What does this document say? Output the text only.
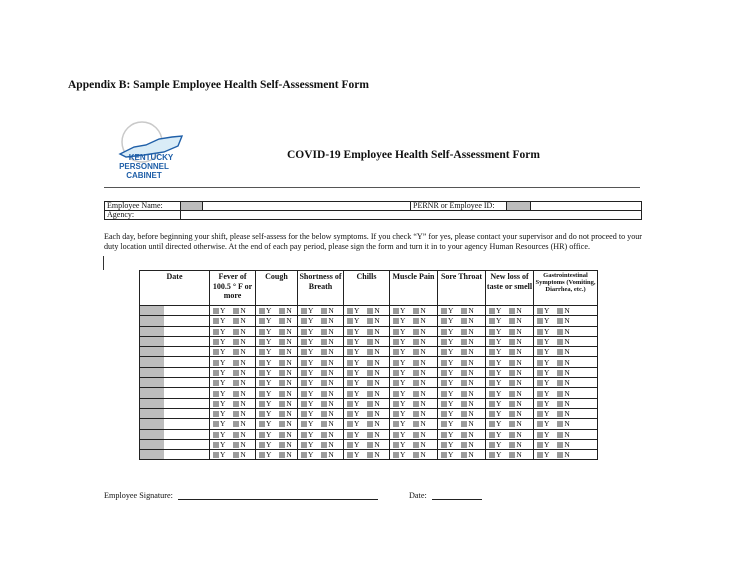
Appendix B: Sample Employee Health Self-Assessment Form
KENTUCKY
PERSONNEL
CABINET
COVID-19 Employee Health Self-Assessment Form
Employee Name:			PERNR or Employee ID:		
Agency:					
Each day, before beginning your shift, please self-assess for the below symptoms. If you check “Y” for yes, please contact your supervisor and do not proceed to your duty location until directed otherwise. At the end of each pay period, please sign the form and turn it in to your agency Human Resources (HR) office.
Date	Fever of 100.5 ° F or more	Cough	Shortness of Breath	Chills	Muscle Pain	Sore Throat	New loss of taste or smell	Gastrointestinal Symptoms (Vomiting, Diarrhea, etc.)

	Y N	Y N	Y N	Y N	Y N	Y N	Y N	Y N

	Y N	Y N	Y N	Y N	Y N	Y N	Y N	Y N

	Y N	Y N	Y N	Y N	Y N	Y N	Y N	Y N

	Y N	Y N	Y N	Y N	Y N	Y N	Y N	Y N

	Y N	Y N	Y N	Y N	Y N	Y N	Y N	Y N

	Y N	Y N	Y N	Y N	Y N	Y N	Y N	Y N

	Y N	Y N	Y N	Y N	Y N	Y N	Y N	Y N

	Y N	Y N	Y N	Y N	Y N	Y N	Y N	Y N

	Y N	Y N	Y N	Y N	Y N	Y N	Y N	Y N

	Y N	Y N	Y N	Y N	Y N	Y N	Y N	Y N

	Y N	Y N	Y N	Y N	Y N	Y N	Y N	Y N

	Y N	Y N	Y N	Y N	Y N	Y N	Y N	Y N

	Y N	Y N	Y N	Y N	Y N	Y N	Y N	Y N

	Y N	Y N	Y N	Y N	Y N	Y N	Y N	Y N

	Y N	Y N	Y N	Y N	Y N	Y N	Y N	Y N
Employee Signature:	Date:
